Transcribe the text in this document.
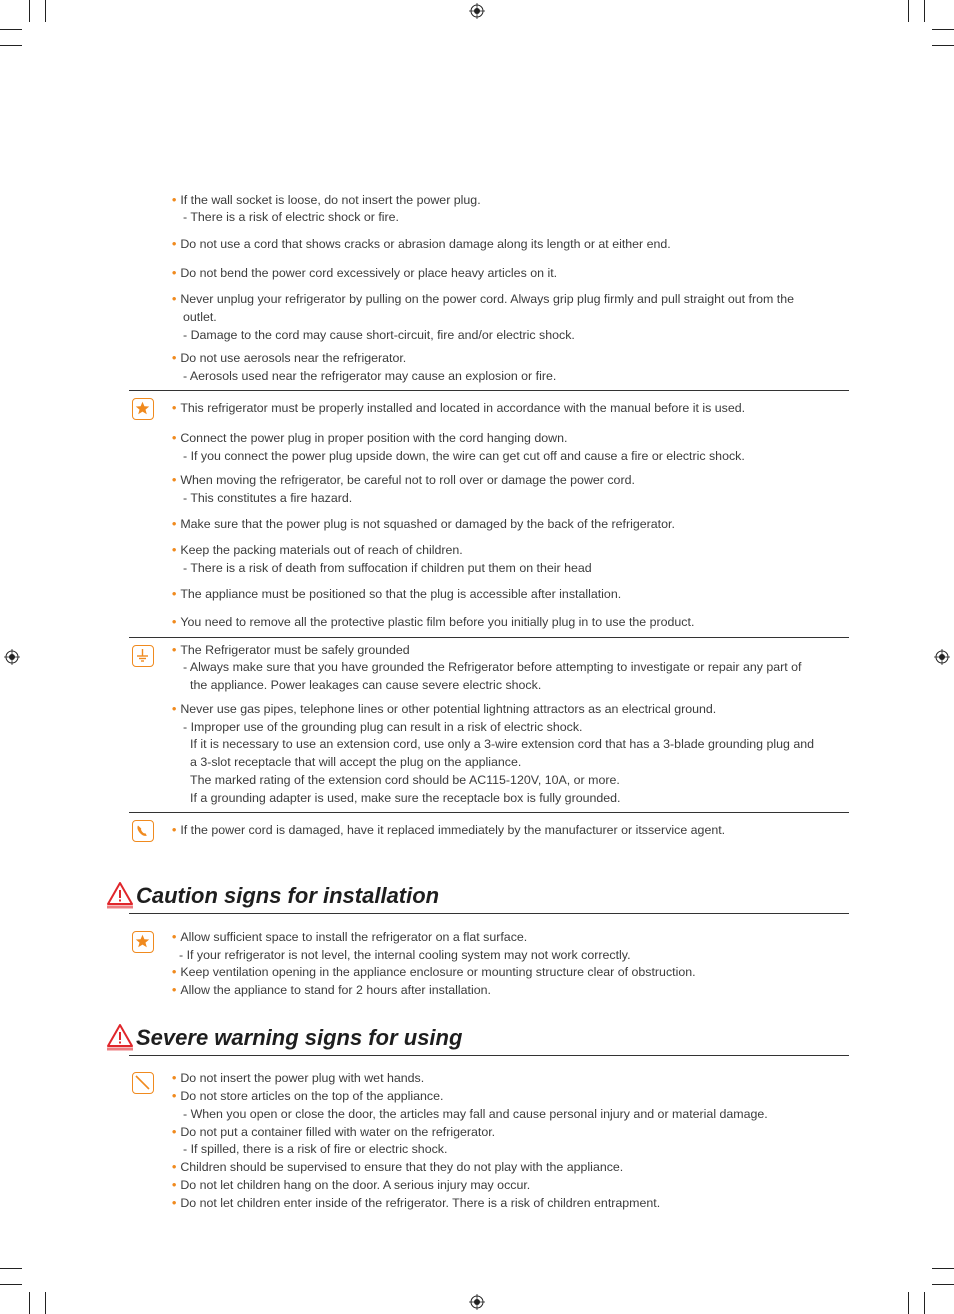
• If the wall socket is loose, do not insert the power plug.
- There is a risk of electric shock or fire.
• Do not use a cord that shows cracks or abrasion damage along its length or at either end.
• Do not bend the power cord excessively or place heavy articles on it.
• Never unplug your refrigerator by pulling on the power cord. Always grip plug firmly and pull straight out from the
outlet.
- Damage to the cord may cause short-circuit, fire and/or electric shock.
• Do not use aerosols near the refrigerator.
- Aerosols used near the refrigerator may cause an explosion or fire.
• This refrigerator must be properly installed and located in accordance with the manual before it is used.
• Connect the power plug in proper position with the cord hanging down.
- If you connect the power plug upside down, the wire can get cut off and cause a fire or electric shock.
• When moving the refrigerator, be careful not to roll over or damage the power cord.
- This constitutes a fire hazard.
• Make sure that the power plug is not squashed or damaged by the back of the refrigerator.
• Keep the packing materials out of reach of children.
- There is a risk of death from suffocation if children put them on their head
• The appliance must be positioned so that the plug is accessible after installation.
• You need to remove all the protective plastic film before you initially plug in to use the product.
• The Refrigerator must be safely grounded
- Always make sure that you have grounded the Refrigerator before attempting to investigate or repair any part of
the appliance. Power leakages can cause severe electric shock.
• Never use gas pipes, telephone lines or other potential lightning attractors as an electrical ground.
- Improper use of the grounding plug can result in a risk of electric shock.
If it is necessary to use an extension cord, use only a 3-wire extension cord that has a 3-blade grounding plug and
a 3-slot receptacle that will accept the plug on the appliance.
The marked rating of the extension cord should be AC115-120V, 10A, or more.
If a grounding adapter is used, make sure the receptacle box is fully grounded.
• If the power cord is damaged, have it replaced immediately by the manufacturer or itsservice agent.
Caution signs for installation
• Allow sufficient space to install the refrigerator on a flat surface.
- If your refrigerator is not level, the internal cooling system may not work correctly.
• Keep ventilation opening in the appliance enclosure or mounting structure clear of obstruction.
• Allow the appliance to stand for 2 hours after installation.
Severe warning signs for using
• Do not insert the power plug with wet hands.
• Do not store articles on the top of the appliance.
- When you open or close the door, the articles may fall and cause personal injury and or material damage.
• Do not put a container filled with water on the refrigerator.
- If spilled, there is a risk of fire or electric shock.
• Children should be supervised to ensure that they do not play with the appliance.
• Do not let children hang on the door. A serious injury may occur.
• Do not let children enter inside of the refrigerator. There is a risk of children entrapment.
